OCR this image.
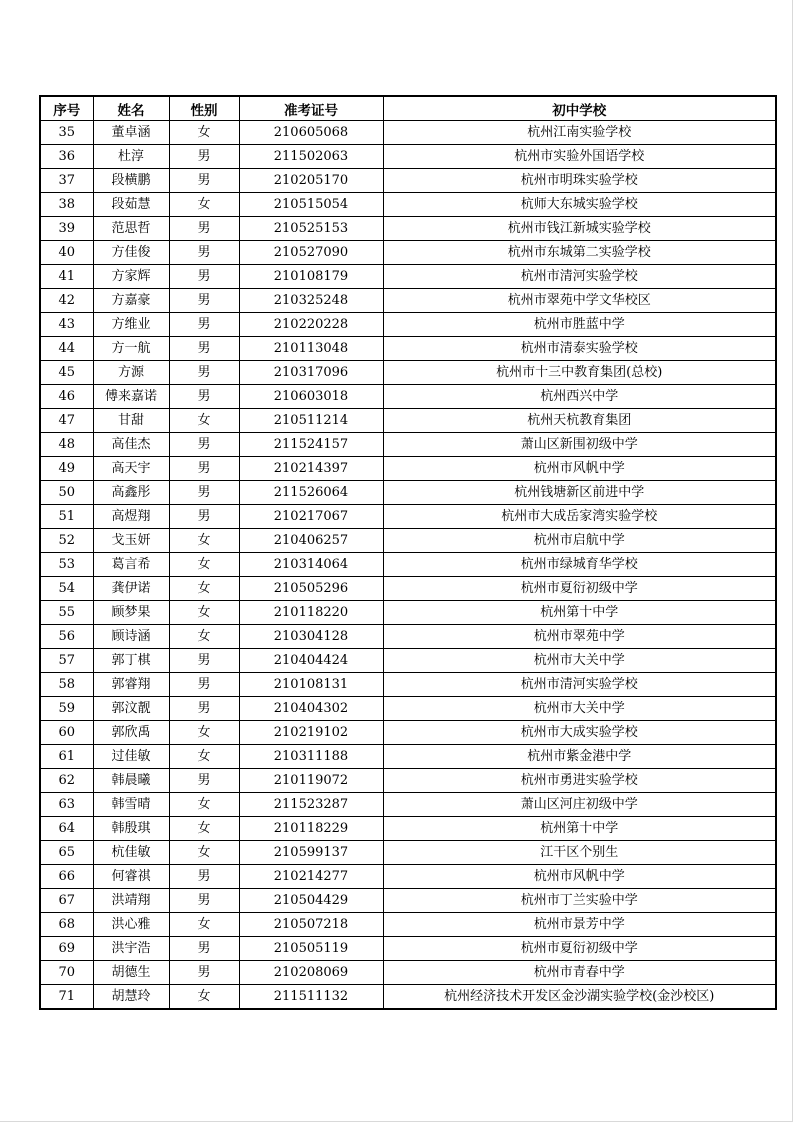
序号	姓名	性别	准考证号	初中学校
35	董卓涵	女	210605068	杭州江南实验学校
36	杜淳	男	211502063	杭州市实验外国语学校
37	段横鹏	男	210205170	杭州市明珠实验学校
38	段茹慧	女	210515054	杭师大东城实验学校
39	范思哲	男	210525153	杭州市钱江新城实验学校
40	方佳俊	男	210527090	杭州市东城第二实验学校
41	方家辉	男	210108179	杭州市清河实验学校
42	方嘉豪	男	210325248	杭州市翠苑中学文华校区
43	方维业	男	210220228	杭州市胜蓝中学
44	方一航	男	210113048	杭州市清泰实验学校
45	方源	男	210317096	杭州市十三中教育集团(总校)
46	傅来嘉诺	男	210603018	杭州西兴中学
47	甘甜	女	210511214	杭州天杭教育集团
48	高佳杰	男	211524157	萧山区新围初级中学
49	高天宇	男	210214397	杭州市风帆中学
50	高鑫彤	男	211526064	杭州钱塘新区前进中学
51	高煜翔	男	210217067	杭州市大成岳家湾实验学校
52	戈玉妍	女	210406257	杭州市启航中学
53	葛言希	女	210314064	杭州市绿城育华学校
54	龚伊诺	女	210505296	杭州市夏衍初级中学
55	顾梦果	女	210118220	杭州第十中学
56	顾诗涵	女	210304128	杭州市翠苑中学
57	郭丁棋	男	210404424	杭州市大关中学
58	郭睿翔	男	210108131	杭州市清河实验学校
59	郭汶靓	男	210404302	杭州市大关中学
60	郭欣禹	女	210219102	杭州市大成实验学校
61	过佳敏	女	210311188	杭州市紫金港中学
62	韩晨曦	男	210119072	杭州市勇进实验学校
63	韩雪晴	女	211523287	萧山区河庄初级中学
64	韩殷琪	女	210118229	杭州第十中学
65	杭佳敏	女	210599137	江干区个别生
66	何睿祺	男	210214277	杭州市风帆中学
67	洪靖翔	男	210504429	杭州市丁兰实验中学
68	洪心雅	女	210507218	杭州市景芳中学
69	洪宇浩	男	210505119	杭州市夏衍初级中学
70	胡德生	男	210208069	杭州市青春中学
71	胡慧玲	女	211511132	杭州经济技术开发区金沙湖实验学校(金沙校区)
